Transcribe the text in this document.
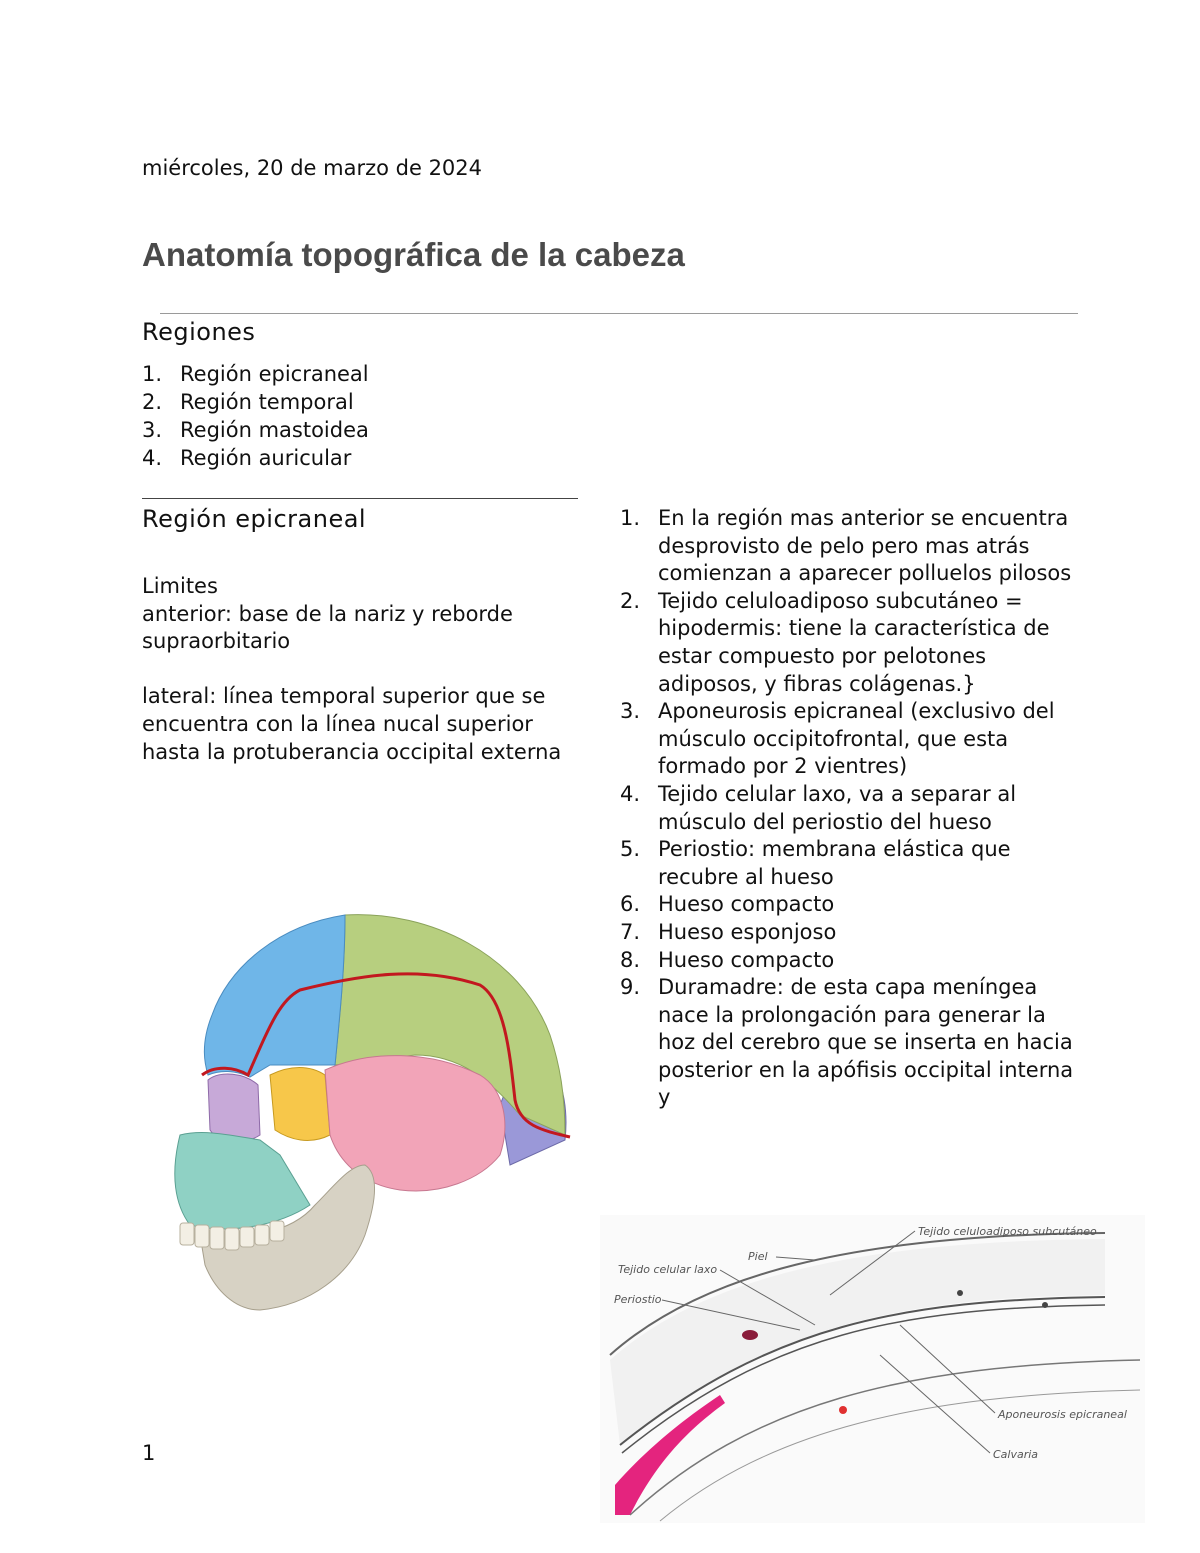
miércoles, 20 de marzo de 2024
Anatomía topográfica de la cabeza
Regiones
1. Región epicraneal
2. Región temporal
3. Región mastoidea
4. Región auricular
Región epicraneal

Limites

anterior: base de la nariz y reborde supraorbitario

lateral: línea temporal superior que se encuentra con la línea nucal superior hasta la protuberancia occipital externa

1. En la región mas anterior se encuentra desprovisto de pelo pero mas atrás comienzan a aparecer polluelos pilosos
2. Tejido celuloadiposo subcutáneo = hipodermis: tiene la característica de estar compuesto por pelotones adiposos, y fibras colágenas.}
3. Aponeurosis epicraneal (exclusivo del músculo occipitofrontal, que esta formado por 2 vientres)
4. Tejido celular laxo, va a separar al músculo del periostio del hueso
5. Periostio: membrana elástica que recubre al hueso
6. Hueso compacto
7. Hueso esponjoso
8. Hueso compacto
9. Duramadre: de esta capa meníngea nace la prolongación para generar la hoz del cerebro que se inserta en hacia posterior en la apófisis occipital interna y
Tejido celuloadiposo subcutáneo
Piel
Tejido celular laxo
Periostio
Aponeurosis epicraneal
Calvaria
1
